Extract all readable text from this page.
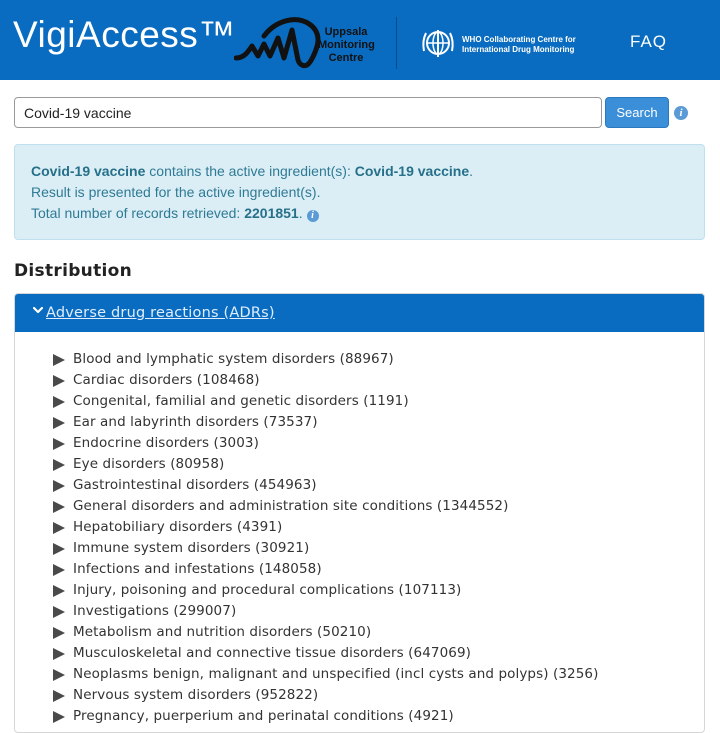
VigiAccess™	Uppsala
Monitoring
Centre
WHO Collaborating Centre for
International Drug Monitoring	FAQ
Covid-19 vaccine
Search	i
Covid-19 vaccine contains the active ingredient(s): Covid-19 vaccine.
Result is presented for the active ingredient(s).
Total number of records retrieved: 2201851. i
Distribution
Adverse drug reactions (ADRs)
Blood and lymphatic system disorders (88967)
Cardiac disorders (108468)
Congenital, familial and genetic disorders (1191)
Ear and labyrinth disorders (73537)
Endocrine disorders (3003)
Eye disorders (80958)
Gastrointestinal disorders (454963)
General disorders and administration site conditions (1344552)
Hepatobiliary disorders (4391)
Immune system disorders (30921)
Infections and infestations (148058)
Injury, poisoning and procedural complications (107113)
Investigations (299007)
Metabolism and nutrition disorders (50210)
Musculoskeletal and connective tissue disorders (647069)
Neoplasms benign, malignant and unspecified (incl cysts and polyps) (3256)
Nervous system disorders (952822)
Pregnancy, puerperium and perinatal conditions (4921)
